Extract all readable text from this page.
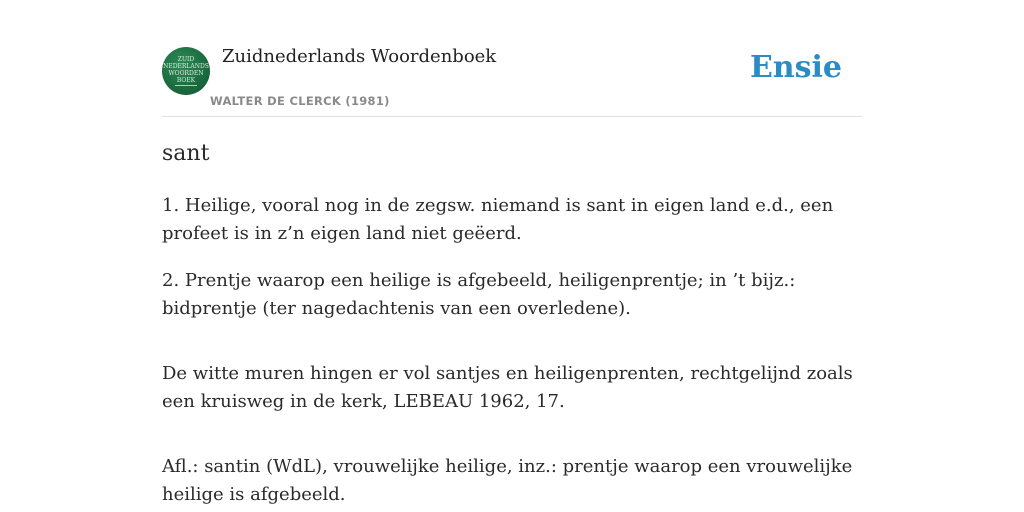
ZUID
NEDERLANDS
WOORDEN
BOEK
Zuidnederlands Woordenboek
WALTER DE CLERCK (1981)
Ensie
sant

1. Heilige, vooral nog in de zegsw. niemand is sant in eigen land e.d., een profeet is in z’n eigen land niet geëerd.

2. Prentje waarop een heilige is afgebeeld, heiligenprentje; in ’t bijz.: bidprentje (ter nagedachtenis van een overledene).

De witte muren hingen er vol santjes en heiligenprenten, rechtgelijnd zoals een kruisweg in de kerk, LEBEAU 1962, 17.

Afl.: santin (WdL), vrouwelijke heilige, inz.: prentje waarop een vrouwelijke heilige is afgebeeld.
